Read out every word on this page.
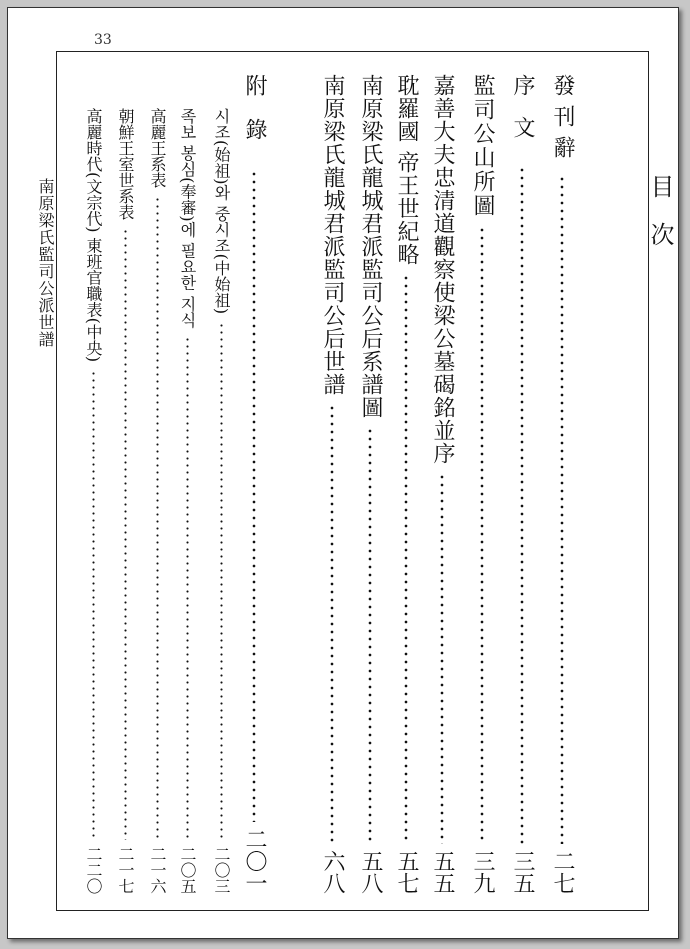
33
南原梁氏監司公派世譜	目次
發刊辭
二七
序文
三五
監司公山所圖
三九
嘉善大夫忠清道觀察使梁公墓碣銘並序
五五
耽羅國 帝王世紀略
五七
南原梁氏龍城君派監司公后系譜圖
五八
南原梁氏龍城君派監司公后世譜
六八
附錄
二〇一
시조(始祖)와 중시조(中始祖)
二〇三
족보 봉심(奉審)에 필요한 지식
二〇五
高麗王系表
二一六
朝鮮王室世系表
二一七
高麗時代(文宗代) 東班官職表(中央)
二二〇
